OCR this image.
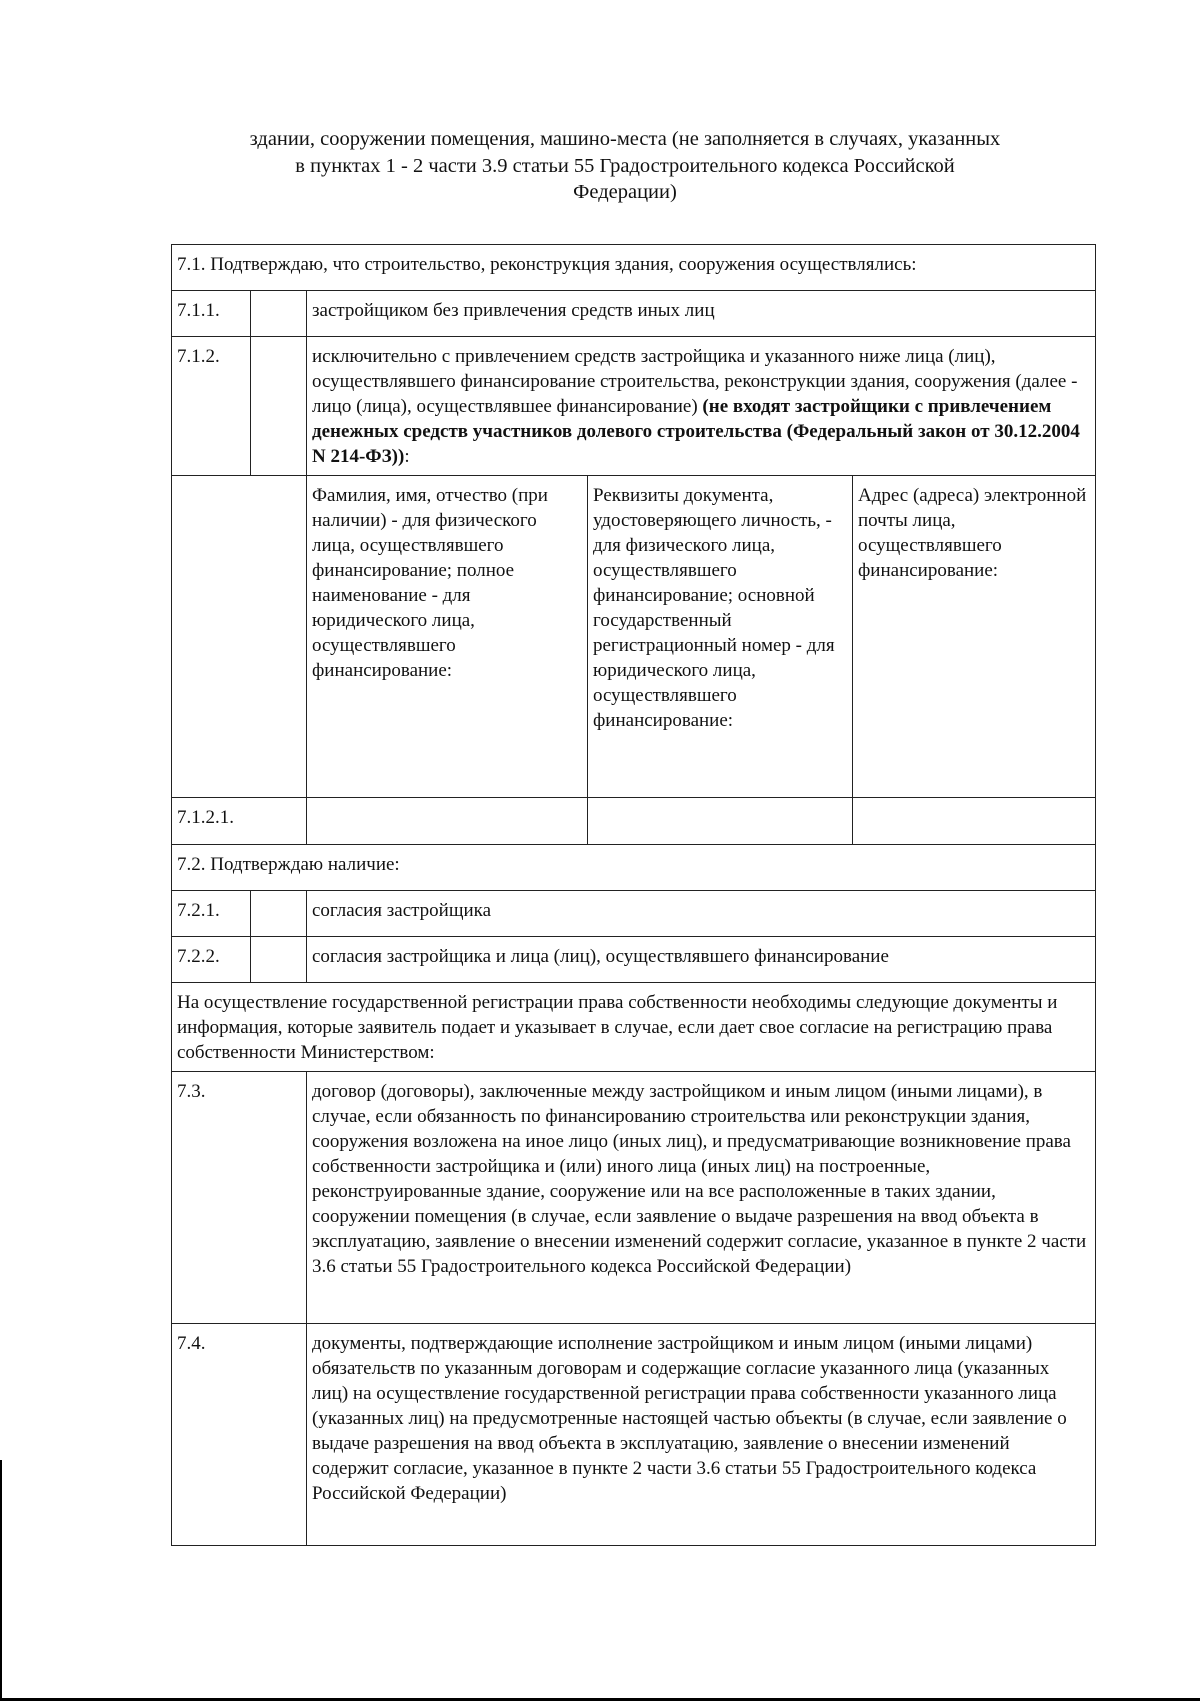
здании, сооружении помещения, машино-места (не заполняется в случаях, указанных
в пунктах 1 - 2 части 3.9 статьи 55 Градостроительного кодекса Российской
Федерации)
7.1. Подтверждаю, что строительство, реконструкция здания, сооружения осуществлялись:				
7.1.1.		застройщиком без привлечения средств иных лиц		
7.1.2.		исключительно с привлечением средств застройщика и указанного ниже лица (лиц), осуществлявшего финансирование строительства, реконструкции здания, сооружения (далее - лицо (лица), осуществлявшее финансирование) (не входят застройщики с привлечением денежных средств участников долевого строительства (Федеральный закон от 30.12.2004 N 214-ФЗ)):		
		Фамилия, имя, отчество (при наличии) - для физического лица, осуществлявшего финансирование; полное наименование - для юридического лица, осуществлявшего финансирование:	Реквизиты документа, удостоверяющего личность, - для физического лица, осуществлявшего финансирование; основной государственный регистрационный номер - для юридического лица, осуществлявшего финансирование:	Адрес (адреса) электронной почты лица, осуществлявшего финансирование:
7.1.2.1.				
7.2. Подтверждаю наличие:				
7.2.1.		согласия застройщика		
7.2.2.		согласия застройщика и лица (лиц), осуществлявшего финансирование		
На осуществление государственной регистрации права собственности необходимы следующие документы и информация, которые заявитель подает и указывает в случае, если дает свое согласие на регистрацию права собственности Министерством:				
7.3.		договор (договоры), заключенные между застройщиком и иным лицом (иными лицами), в случае, если обязанность по финансированию строительства или реконструкции здания, сооружения возложена на иное лицо (иных лиц), и предусматривающие возникновение права собственности застройщика и (или) иного лица (иных лиц) на построенные, реконструированные здание, сооружение или на все расположенные в таких здании, сооружении помещения (в случае, если заявление о выдаче разрешения на ввод объекта в эксплуатацию, заявление о внесении изменений содержит согласие, указанное в пункте 2 части 3.6 статьи 55 Градостроительного кодекса Российской Федерации)		
7.4.		документы, подтверждающие исполнение застройщиком и иным лицом (иными лицами) обязательств по указанным договорам и содержащие согласие указанного лица (указанных лиц) на осуществление государственной регистрации права собственности указанного лица (указанных лиц) на предусмотренные настоящей частью объекты (в случае, если заявление о выдаче разрешения на ввод объекта в эксплуатацию, заявление о внесении изменений содержит согласие, указанное в пункте 2 части 3.6 статьи 55 Градостроительного кодекса Российской Федерации)		
